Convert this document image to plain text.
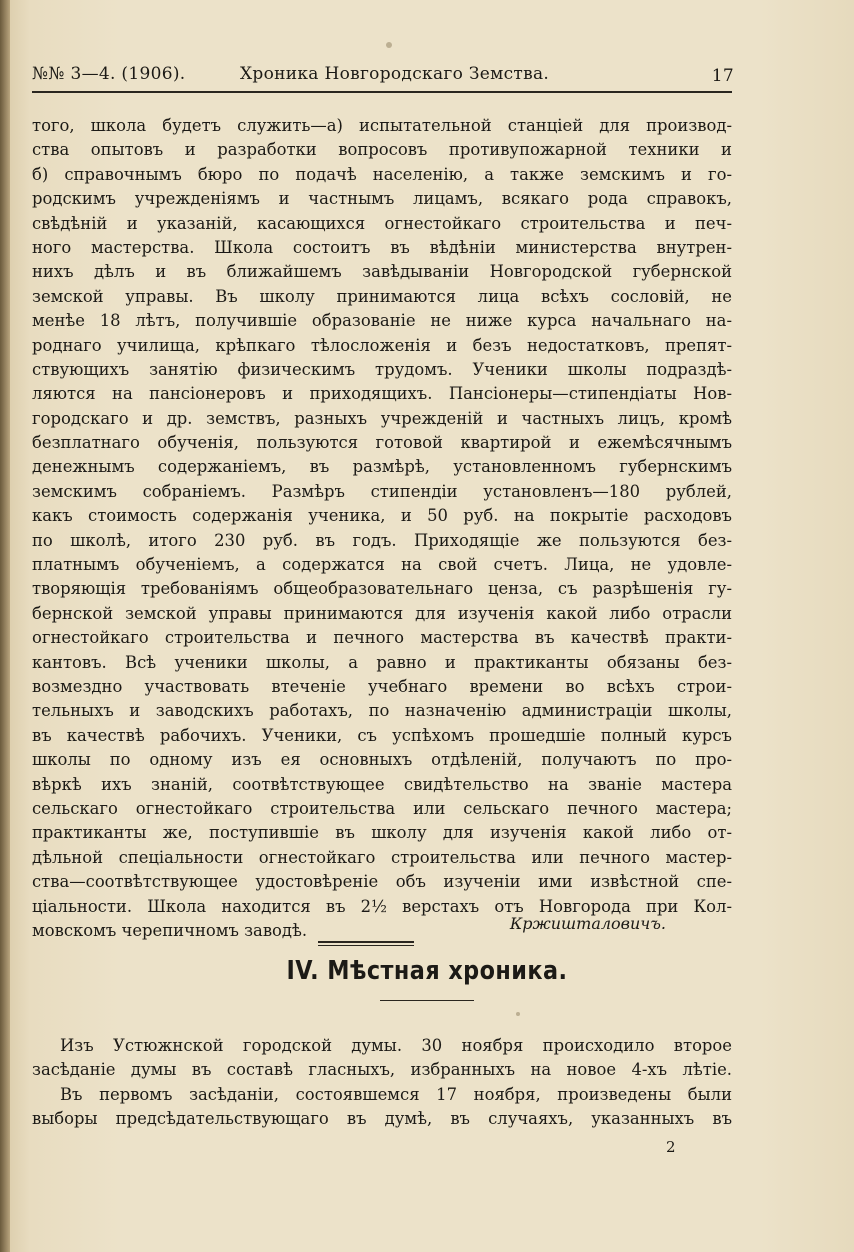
№№ 3—4. (1906).	Хроника Новгородскаго Земства.	17
того, школа будетъ служить—а) испытательной станціей для производ-
ства опытовъ и разработки вопросовъ противупожарной техники и
б) справочнымъ бюро по подачѣ населенію, а также земскимъ и го-
родскимъ учрежденіямъ и частнымъ лицамъ, всякаго рода справокъ,
свѣдѣній и указаній, касающихся огнестойкаго строительства и печ-
ного мастерства. Школа состоитъ въ вѣдѣніи министерства внутрен-
нихъ дѣлъ и въ ближайшемъ завѣдываніи Новгородской губернской
земской управы. Въ школу принимаются лица всѣхъ сословій, не
менѣе 18 лѣтъ, получившіе образованіе не ниже курса начальнаго на-
роднаго училища, крѣпкаго тѣлосложенія и безъ недостатковъ, препят-
ствующихъ занятію физическимъ трудомъ. Ученики школы подраздѣ-
ляются на пансіонеровъ и приходящихъ. Пансіонеры—стипендіаты Нов-
городскаго и др. земствъ, разныхъ учрежденій и частныхъ лицъ, кромѣ
безплатнаго обученія, пользуются готовой квартирой и ежемѣсячнымъ
денежнымъ содержаніемъ, въ размѣрѣ, установленномъ губернскимъ
земскимъ собраніемъ. Размѣръ стипендіи установленъ—180 рублей,
какъ стоимость содержанія ученика, и 50 руб. на покрытіе расходовъ
по школѣ, итого 230 руб. въ годъ. Приходящіе же пользуются без-
платнымъ обученіемъ, а содержатся на свой счетъ. Лица, не удовле-
творяющія требованіямъ общеобразовательнаго ценза, съ разрѣшенія гу-
бернской земской управы принимаются для изученія какой либо отрасли
огнестойкаго строительства и печного мастерства въ качествѣ практи-
кантовъ. Всѣ ученики школы, а равно и практиканты обязаны без-
возмездно участвовать втеченіе учебнаго времени во всѣхъ строи-
тельныхъ и заводскихъ работахъ, по назначенію администраціи школы,
въ качествѣ рабочихъ. Ученики, съ успѣхомъ прошедшіе полный курсъ
школы по одному изъ ея основныхъ отдѣленій, получаютъ по про-
вѣркѣ ихъ знаній, соотвѣтствующее свидѣтельство на званіе мастера
сельскаго огнестойкаго строительства или сельскаго печного мастера;
практиканты же, поступившіе въ школу для изученія какой либо от-
дѣльной спеціальности огнестойкаго строительства или печного мастер-
ства—соотвѣтствующее удостовѣреніе объ изученіи ими извѣстной спе-
ціальности. Школа находится въ 2½ верстахъ отъ Новгорода при Кол-
мовскомъ черепичномъ заводѣ.	Кржишталовичъ.
IV. Мѣстная хроника.
Изъ Устюжнской городской думы. 30 ноября происходило второе
засѣданіе думы въ составѣ гласныхъ, избранныхъ на новое 4-хъ лѣтіе.
Въ первомъ засѣданіи, состоявшемся 17 ноября, произведены были
выборы предсѣдательствующаго въ думѣ, въ случаяхъ, указанныхъ въ
2
